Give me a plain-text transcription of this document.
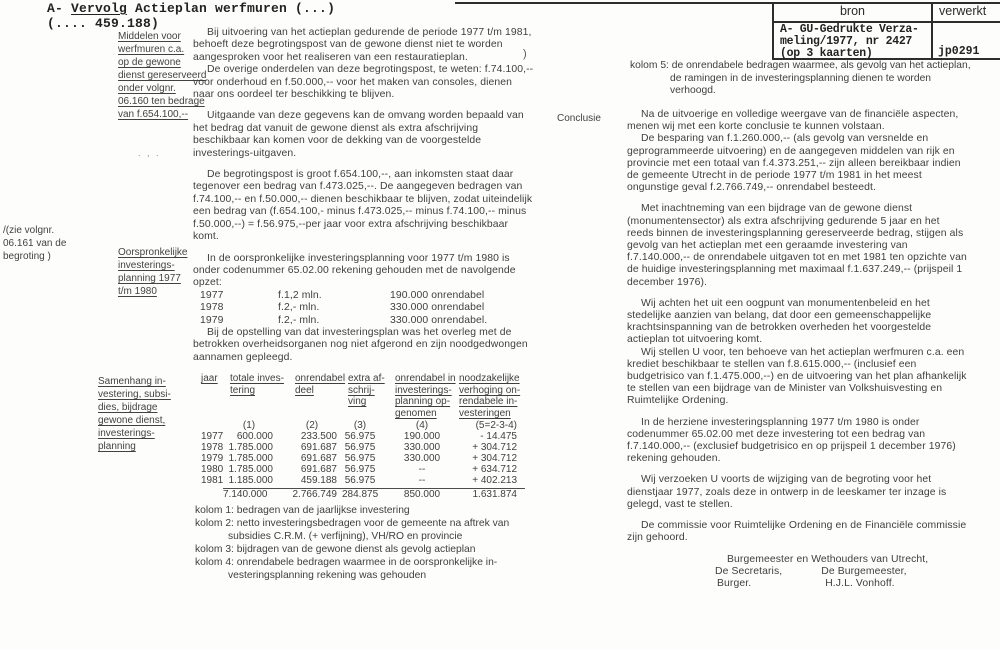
A- Vervolg Actieplan werfmuren (...)
(.... 459.188)
bron	verwerkt
A- GU-Gedrukte Verza-
meling/1977, nr 2427
(op 3 kaarten)	jp0291
Middelen voor
werfmuren c.a.
op de gewone
dienst gereserveerd
onder volgnr.
06.160 ten bedrage
van f.654.100,--
/(zie volgnr.
06.161 van de
begroting )	Oorspronkelijke
investerings-
planning 1977
t/m 1980
Samenhang in-
vestering, subsi-
dies, bijdrage
gewone dienst,
investerings-
planning
Conclusie
)
. , .
Bij uitvoering van het actieplan gedurende de periode 1977 t/m 1981, behoeft deze begrotingspost van de gewone dienst niet te worden aangesproken voor het realiseren van een restauratieplan.
De overige onderdelen van deze begrotingspost, te weten: f.74.100,-- voor onderhoud en f.50.000,-- voor het maken van consoles, dienen naar ons oordeel ter beschikking te blijven.
Uitgaande van deze gegevens kan de omvang worden bepaald van het bedrag dat vanuit de gewone dienst als extra afschrijving beschikbaar kan komen voor de dekking van de voorgestelde investerings-uitgaven.
De begrotingspost is groot f.654.100,--, aan inkomsten staat daar tegenover een bedrag van f.473.025,--. De aangegeven bedragen van f.74.100,-- en f.50.000,-- dienen beschikbaar te blijven, zodat uiteindelijk een bedrag van (f.654.100,- minus f.473.025,-- minus f.74.100,-- minus f.50.000,--) = f.56.975,--per jaar voor extra afschrijving beschikbaar komt.
In de oorspronkelijke investeringsplanning voor 1977 t/m 1980 is onder codenummer 65.02.00 rekening gehouden met de navolgende opzet:
1977	f.1,2 mln.	190.000 onrendabel
1978	f.2,- mln.	330.000 onrendabel
1979	f.2,- mln.	330.000 onrendabel.
Bij de opstelling van dat investeringsplan was het overleg met de betrokken overheidsorganen nog niet afgerond en zijn noodgedwongen aannamen gepleegd.
jaar	totale inves-
tering
onrendabel
deel
extra af-
schrij-
ving
onrendabel in
investerings-
planning op-
genomen
noodzakelijke
verhoging on-
rendabele in-
vesteringen
(1)	(2)	(3)	(4)	(5=2-3-4)
1977	600.000	233.500 56.975	190.000	- 14.475
1978 1.785.000	691.687 56.975	330.000	+ 304.712
1979 1.785.000	691.687 56.975	330.000	+ 304.712
1980 1.785.000	691.687 56.975	--	+ 634.712
1981 1.185.000	459.188 56.975	--	+ 402.213
7.140.000	2.766.749 284.875	850.000	1.631.874
kolom 1: bedragen van de jaarlijkse investering
kolom 2: netto investeringsbedragen voor de gemeente na aftrek van subsidies C.R.M. (+ verfijning), VH/RO en provincie
kolom 3: bijdragen van de gewone dienst als gevolg actieplan
kolom 4: onrendabele bedragen waarmee in de oorspronkelijke in-vesteringsplanning rekening was gehouden
kolom 5: de onrendabele bedragen waarmee, als gevolg van het actieplan, de ramingen in de investeringsplanning dienen te worden verhoogd.
Na de uitvoerige en volledige weergave van de financiële aspecten, menen wij met een korte conclusie te kunnen volstaan.
De besparing van f.1.260.000,-- (als gevolg van versnelde en geprogrammeerde uitvoering) en de aangegeven middelen van rijk en provincie met een totaal van f.4.373.251,-- zijn alleen bereikbaar indien de gemeente Utrecht in de periode 1977 t/m 1981 in het meest ongunstige geval f.2.766.749,-- onrendabel besteedt.
Met inachtneming van een bijdrage van de gewone dienst (monumentensector) als extra afschrijving gedurende 5 jaar en het reeds binnen de investeringsplanning gereserveerde bedrag, stijgen als gevolg van het actieplan met een geraamde investering van f.7.140.000,-- de onrendabele uitgaven tot en met 1981 ten opzichte van de huidige investeringsplanning met maximaal f.1.637.249,-- (prijspeil 1 december 1976).
Wij achten het uit een oogpunt van monumentenbeleid en het stedelijke aanzien van belang, dat door een gemeenschappelijke krachtsinspanning van de betrokken overheden het voorgestelde actieplan tot uitvoering komt.
Wij stellen U voor, ten behoeve van het actieplan werfmuren c.a. een krediet beschikbaar te stellen van f.8.615.000,-- (inclusief een budgetrisico van f.1.475.000,--) en de uitvoering van het plan afhankelijk te stellen van een bijdrage van de Minister van Volkshuisvesting en Ruimtelijke Ordening.
In de herziene investeringsplanning 1977 t/m 1980 is onder codenummer 65.02.00 met deze investering tot een bedrag van f.7.140.000,-- (exclusief budgetrisico en op prijspeil 1 december 1976) rekening gehouden.
Wij verzoeken U voorts de wijziging van de begroting voor het dienstjaar 1977, zoals deze in ontwerp in de leeskamer ter inzage is gelegd, vast te stellen.
De commissie voor Ruimtelijke Ordening en de Financiële commissie zijn gehoord.
Burgemeester en Wethouders van Utrecht,
De Secretaris,	De Burgemeester,
Burger.	H.J.L. Vonhoff.
